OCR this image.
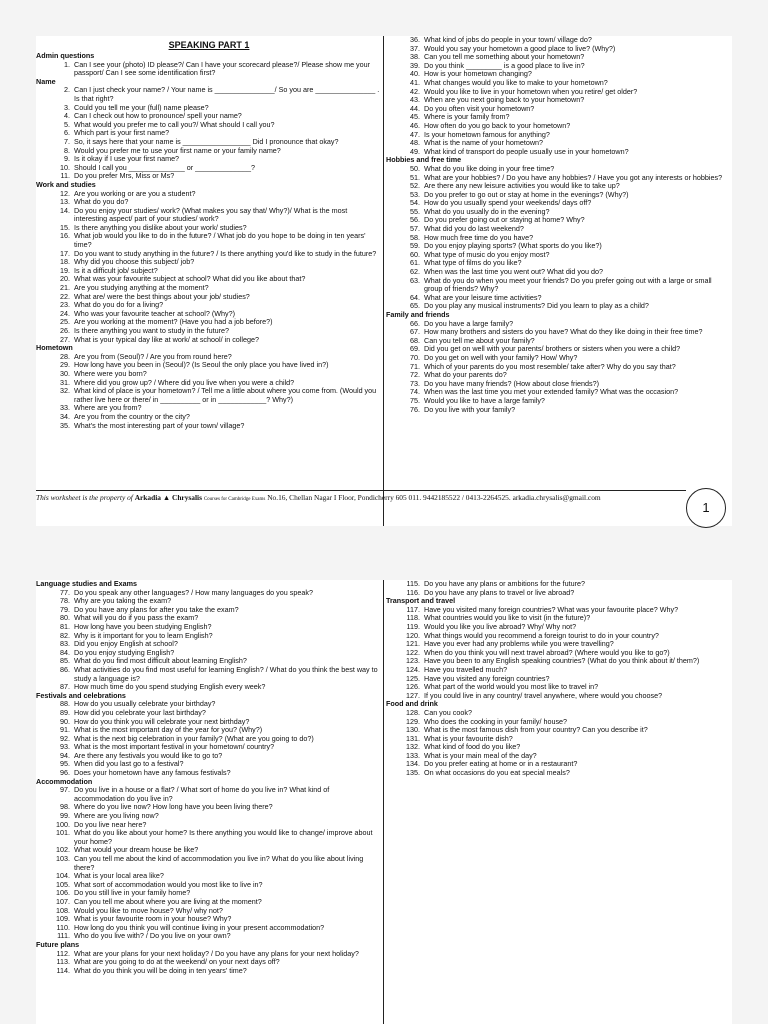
SPEAKING PART 1
Admin questions
1. Can I see your (photo) ID please?/ Can I have your scorecard please?/ Please show me your passport/ Can I see some identification first?
Name
2. Can I just check your name? / Your name is _______________/ So you are _______________ . Is that right?
3. Could you tell me your (full) name please?
4. Can I check out how to pronounce/ spell your name?
5. What would you prefer me to call you?/ What should I call you?
6. Which part is your first name?
7. So, it says here that your name is _________________ Did I pronounce that okay?
8. Would you prefer me to use your first name or your family name?
9. Is it okay if I use your first name?
10. Should I call you ______________ or ______________?
11. Do you prefer Mrs, Miss or Ms?
Work and studies
12. Are you working or are you a student?
13. What do you do?
14. Do you enjoy your studies/ work? (What makes you say that/ Why?)/ What is the most interesting aspect/ part of your studies/ work?
15. Is there anything you dislike about your work/ studies?
16. What job would you like to do in the future? / What job do you hope to be doing in ten years' time?
17. Do you want to study anything in the future? / Is there anything you'd like to study in the future?
18. Why did you choose this subject/ job?
19. Is it a difficult job/ subject?
20. What was your favourite subject at school? What did you like about that?
21. Are you studying anything at the moment?
22. What are/ were the best things about your job/ studies?
23. What do you do for a living?
24. Who was your favourite teacher at school? (Why?)
25. Are you working at the moment? (Have you had a job before?)
26. Is there anything you want to study in the future?
27. What is your typical day like at work/ at school/ in college?
Hometown
28. Are you from (Seoul)? / Are you from round here?
29. How long have you been in (Seoul)? (Is Seoul the only place you have lived in?)
30. Where were you born?
31. Where did you grow up? / Where did you live when you were a child?
32. What kind of place is your hometown? / Tell me a little about where you come from. (Would you rather live here or there/ in __________ or in ____________? Why?)
33. Where are you from?
34. Are you from the country or the city?
35. What's the most interesting part of your town/ village?
36. What kind of jobs do people in your town/ village do?
37. Would you say your hometown a good place to live? (Why?)
38. Can you tell me something about your hometown?
39. Do you think _________ is a good place to live in?
40. How is your hometown changing?
41. What changes would you like to make to your hometown?
42. Would you like to live in your hometown when you retire/ get older?
43. When are you next going back to your hometown?
44. Do you often visit your hometown?
45. Where is your family from?
46. How often do you go back to your hometown?
47. Is your hometown famous for anything?
48. What is the name of your hometown?
49. What kind of transport do people usually use in your hometown?
Hobbies and free time
50. What do you like doing in your free time?
51. What are your hobbies? / Do you have any hobbies? / Have you got any interests or hobbies?
52. Are there any new leisure activities you would like to take up?
53. Do you prefer to go out or stay at home in the evenings? (Why?)
54. How do you usually spend your weekends/ days off?
55. What do you usually do in the evening?
56. Do you prefer going out or staying at home? Why?
57. What did you do last weekend?
58. How much free time do you have?
59. Do you enjoy playing sports? (What sports do you like?)
60. What type of music do you enjoy most?
61. What type of films do you like?
62. When was the last time you went out? What did you do?
63. What do you do when you meet your friends? Do you prefer going out with a large or small group of friends? Why?
64. What are your leisure time activities?
65. Do you play any musical instruments? Did you learn to play as a child?
Family and friends
66. Do you have a large family?
67. How many brothers and sisters do you have? What do they like doing in their free time?
68. Can you tell me about your family?
69. Did you get on well with your parents/ brothers or sisters when you were a child?
70. Do you get on well with your family? How/ Why?
71. Which of your parents do you most resemble/ take after? Why do you say that?
72. What do your parents do?
73. Do you have many friends? (How about close friends?)
74. When was the last time you met your extended family? What was the occasion?
75. Would you like to have a large family?
76. Do you live with your family?
This worksheet is the property of Arkadia ▲ Chrysalis Courses for Cambridge Exams No.16, Chellan Nagar I Floor, Pondicherry 605 011. 9442185522 / 0413-2264525. arkadia.chrysalis@gmail.com
1
Language studies and Exams
77. Do you speak any other languages? / How many languages do you speak?
78. Why are you taking the exam?
79. Do you have any plans for after you take the exam?
80. What will you do if you pass the exam?
81. How long have you been studying English?
82. Why is it important for you to learn English?
83. Did you enjoy English at school?
84. Do you enjoy studying English?
85. What do you find most difficult about learning English?
86. What activities do you find most useful for learning English? / What do you think the best way to study a language is?
87. How much time do you spend studying English every week?
Festivals and celebrations
88. How do you usually celebrate your birthday?
89. How did you celebrate your last birthday?
90. How do you think you will celebrate your next birthday?
91. What is the most important day of the year for you? (Why?)
92. What is the next big celebration in your family? (What are you going to do?)
93. What is the most important festival in your hometown/ country?
94. Are there any festivals you would like to go to?
95. When did you last go to a festival?
96. Does your hometown have any famous festivals?
Accommodation
97. Do you live in a house or a flat? / What sort of home do you live in? What kind of accommodation do you live in?
98. Where do you live now? How long have you been living there?
99. Where are you living now?
100. Do you live near here?
101. What do you like about your home? Is there anything you would like to change/ improve about your home?
102. What would your dream house be like?
103. Can you tell me about the kind of accommodation you live in? What do you like about living there?
104. What is your local area like?
105. What sort of accommodation would you most like to live in?
106. Do you still live in your family home?
107. Can you tell me about where you are living at the moment?
108. Would you like to move house? Why/ why not?
109. What is your favourite room in your house? Why?
110. How long do you think you will continue living in your present accommodation?
111. Who do you live with? / Do you live on your own?
Future plans
112. What are your plans for your next holiday? / Do you have any plans for your next holiday?
113. What are you going to do at the weekend/ on your next days off?
114. What do you think you will be doing in ten years' time?
115. Do you have any plans or ambitions for the future?
116. Do you have any plans to travel or live abroad?
Transport and travel
117. Have you visited many foreign countries? What was your favourite place? Why?
118. What countries would you like to visit (in the future)?
119. Would you like you live abroad? Why/ Why not?
120. What things would you recommend a foreign tourist to do in your country?
121. Have you ever had any problems while you were travelling?
122. When do you think you will next travel abroad? (Where would you like to go?)
123. Have you been to any English speaking countries? (What do you think about it/ them?)
124. Have you travelled much?
125. Have you visited any foreign countries?
126. What part of the world would you most like to travel in?
127. If you could live in any country/ travel anywhere, where would you choose?
Food and drink
128. Can you cook?
129. Who does the cooking in your family/ house?
130. What is the most famous dish from your country? Can you describe it?
131. What is your favourite dish?
132. What kind of food do you like?
133. What is your main meal of the day?
134. Do you prefer eating at home or in a restaurant?
135. On what occasions do you eat special meals?
